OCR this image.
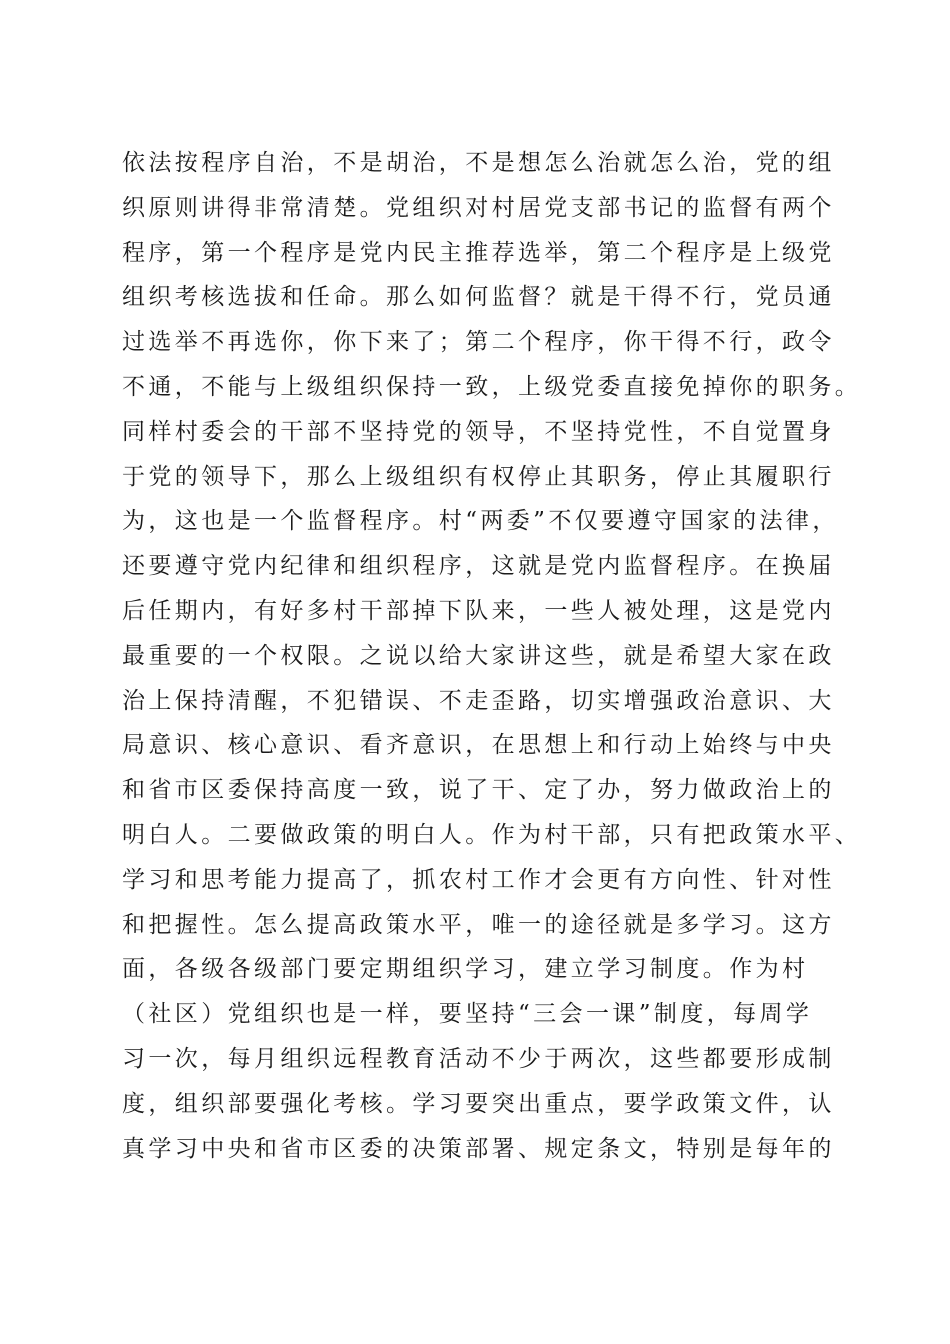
依法按程序自治，不是胡治，不是想怎么治就怎么治，党的组
织原则讲得非常清楚。党组织对村居党支部书记的监督有两个
程序，第一个程序是党内民主推荐选举，第二个程序是上级党
组织考核选拔和任命。那么如何监督？就是干得不行，党员通
过选举不再选你，你下来了；第二个程序，你干得不行，政令
不通，不能与上级组织保持一致，上级党委直接免掉你的职务。
同样村委会的干部不坚持党的领导，不坚持党性，不自觉置身
于党的领导下，那么上级组织有权停止其职务，停止其履职行
为，这也是一个监督程序。村“两委”不仅要遵守国家的法律，
还要遵守党内纪律和组织程序，这就是党内监督程序。在换届
后任期内，有好多村干部掉下队来，一些人被处理，这是党内
最重要的一个权限。之说以给大家讲这些，就是希望大家在政
治上保持清醒，不犯错误、不走歪路，切实增强政治意识、大
局意识、核心意识、看齐意识，在思想上和行动上始终与中央
和省市区委保持高度一致，说了干、定了办，努力做政治上的
明白人。二要做政策的明白人。作为村干部，只有把政策水平、
学习和思考能力提高了，抓农村工作才会更有方向性、针对性
和把握性。怎么提高政策水平，唯一的途径就是多学习。这方
面，各级各级部门要定期组织学习，建立学习制度。作为村
（社区）党组织也是一样，要坚持“三会一课”制度，每周学
习一次，每月组织远程教育活动不少于两次，这些都要形成制
度，组织部要强化考核。学习要突出重点，要学政策文件，认
真学习中央和省市区委的决策部署、规定条文，特别是每年的
